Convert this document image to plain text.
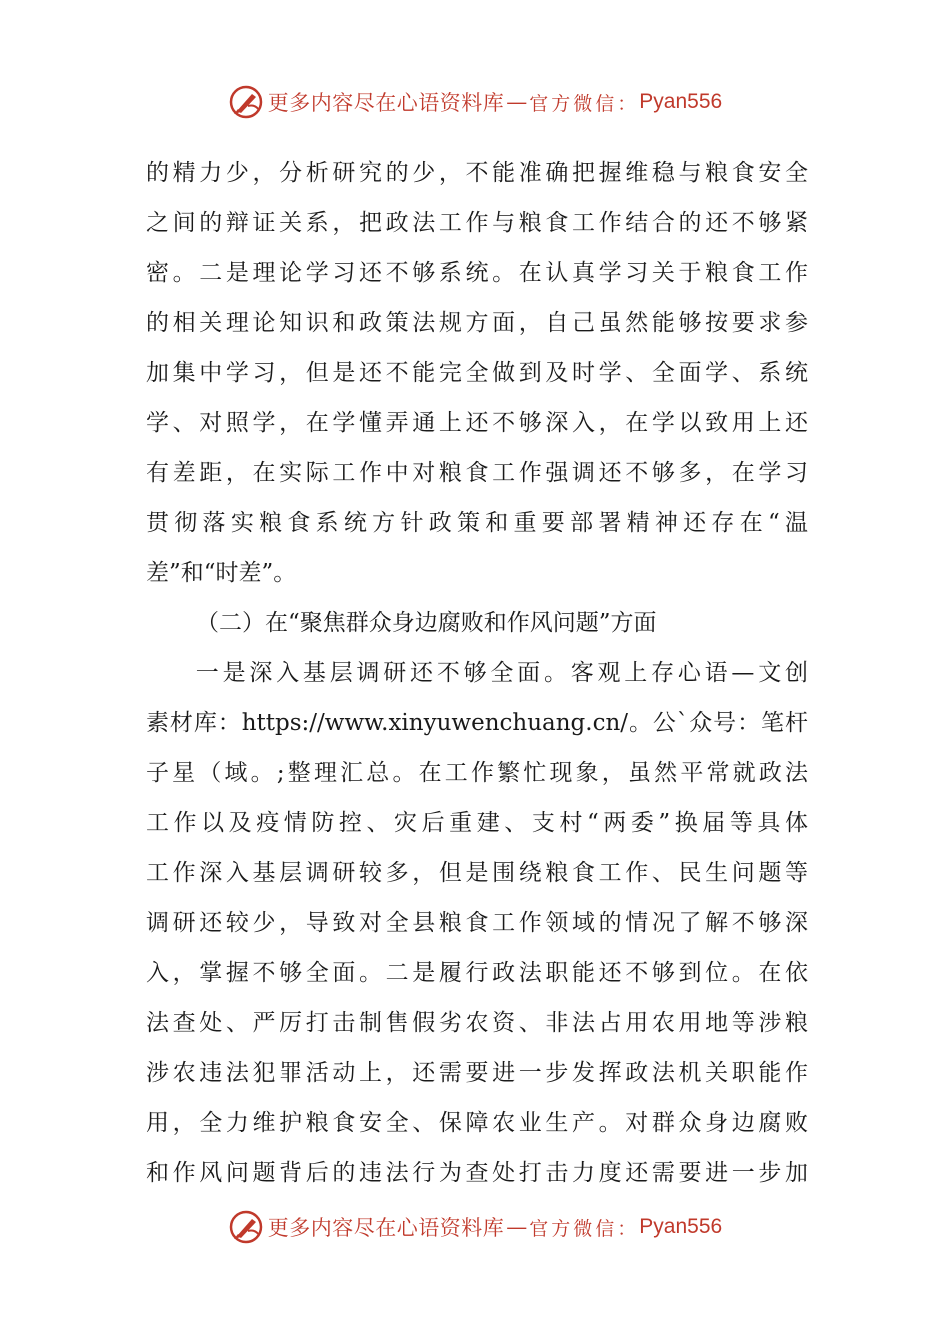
更多内容尽在心语资料库 — 官方微信： Pyan556
的精力少，分析研究的少，不能准确把握维稳与粮食安全
之间的辩证关系，把政法工作与粮食工作结合的还不够紧
密。二是理论学习还不够系统。在认真学习关于粮食工作
的相关理论知识和政策法规方面，自己虽然能够按要求参
加集中学习，但是还不能完全做到及时学、全面学、系统
学、对照学，在学懂弄通上还不够深入，在学以致用上还
有差距，在实际工作中对粮食工作强调还不够多，在学习
贯彻落实粮食系统方针政策和重要部署精神还存在“温
差”和“时差”。
（二）在“聚焦群众身边腐败和作风问题”方面
一是深入基层调研还不够全面。客观上存心语—文创
素材库：https://www.xinyuwenchuang.cn/。公`众号：笔杆
子星（域。;整理汇总。在工作繁忙现象，虽然平常就政法
工作以及疫情防控、灾后重建、支村“两委”换届等具体
工作深入基层调研较多，但是围绕粮食工作、民生问题等
调研还较少，导致对全县粮食工作领域的情况了解不够深
入，掌握不够全面。二是履行政法职能还不够到位。在依
法查处、严厉打击制售假劣农资、非法占用农用地等涉粮
涉农违法犯罪活动上，还需要进一步发挥政法机关职能作
用，全力维护粮食安全、保障农业生产。对群众身边腐败
和作风问题背后的违法行为查处打击力度还需要进一步加
更多内容尽在心语资料库 — 官方微信： Pyan556
